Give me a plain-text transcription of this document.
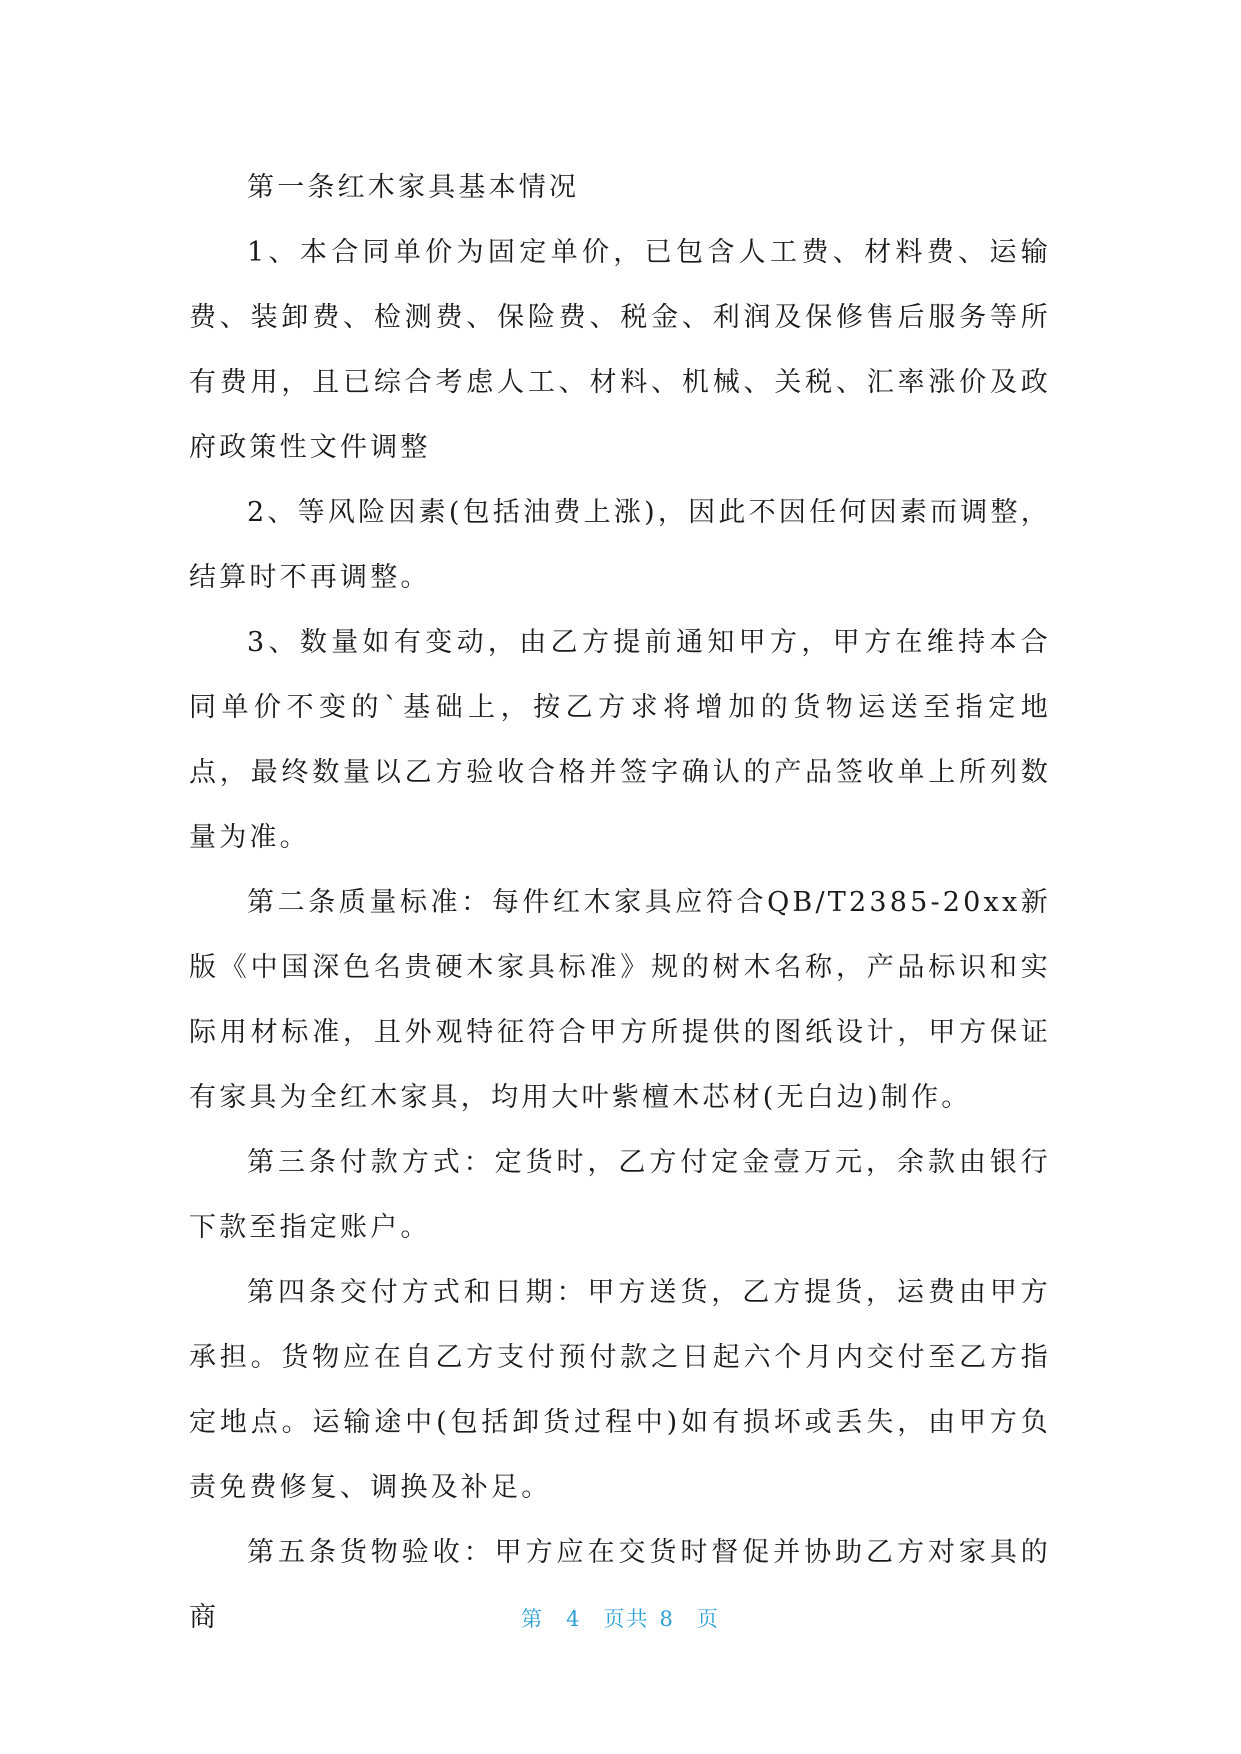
第一条红木家具基本情况

1、本合同单价为固定单价，已包含人工费、材料费、运输费、装卸费、检测费、保险费、税金、利润及保修售后服务等所有费用，且已综合考虑人工、材料、机械、关税、汇率涨价及政府政策性文件调整

2、等风险因素(包括油费上涨)，因此不因任何因素而调整，结算时不再调整。

3、数量如有变动，由乙方提前通知甲方，甲方在维持本合同单价不变的`基础上，按乙方求将增加的货物运送至指定地点，最终数量以乙方验收合格并签字确认的产品签收单上所列数量为准。

第二条质量标准：每件红木家具应符合QB/T2385-20xx新版《中国深色名贵硬木家具标准》规的树木名称，产品标识和实际用材标准，且外观特征符合甲方所提供的图纸设计，甲方保证有家具为全红木家具，均用大叶紫檀木芯材(无白边)制作。

第三条付款方式：定货时，乙方付定金壹万元，余款由银行下款至指定账户。

第四条交付方式和日期：甲方送货，乙方提货，运费由甲方承担。货物应在自乙方支付预付款之日起六个月内交付至乙方指定地点。运输途中(包括卸货过程中)如有损坏或丢失，由甲方负责免费修复、调换及补足。

第五条货物验收：甲方应在交货时督促并协助乙方对家具的商	第 4 页共 8 页
